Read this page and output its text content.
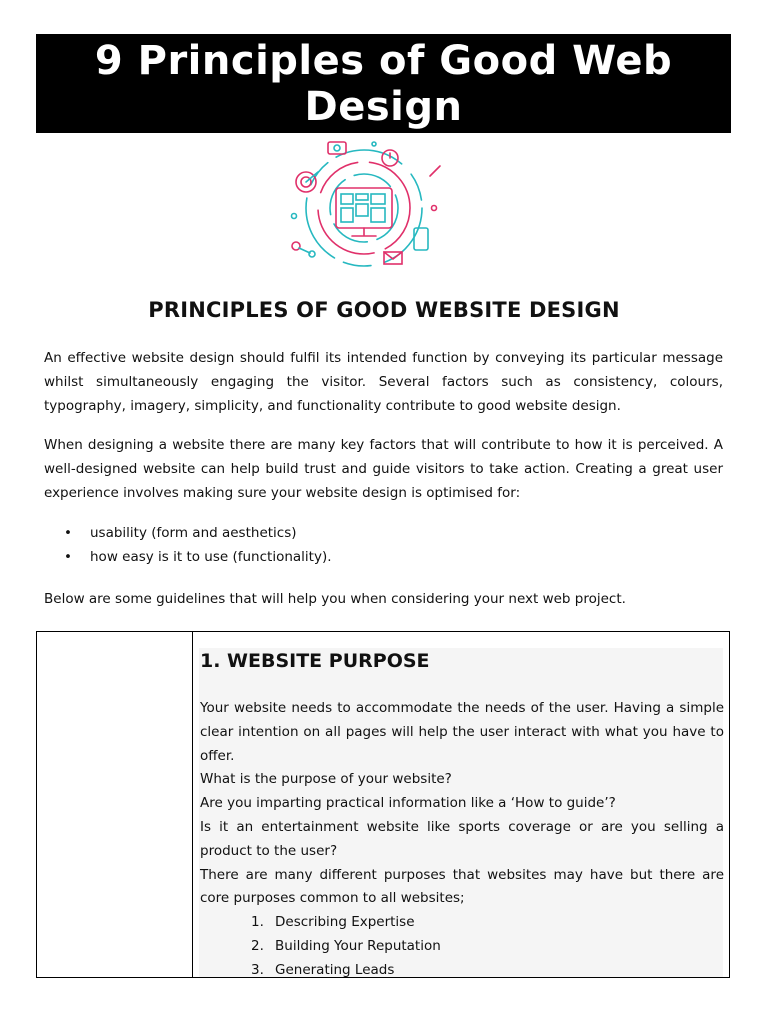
9 Principles of Good Web Design
PRINCIPLES OF GOOD WEBSITE DESIGN

An effective website design should fulfil its intended function by conveying its particular message whilst simultaneously engaging the visitor. Several factors such as consistency, colours, typography, imagery, simplicity, and functionality contribute to good website design.

When designing a website there are many key factors that will contribute to how it is perceived. A well-designed website can help build trust and guide visitors to take action. Creating a great user experience involves making sure your website design is optimised for:

• usability (form and aesthetics)
• how easy is it to use (functionality).

Below are some guidelines that will help you when considering your next web project.

1. WEBSITE PURPOSE

Your website needs to accommodate the needs of the user. Having a simple clear intention on all pages will help the user interact with what you have to offer.

What is the purpose of your website?

Are you imparting practical information like a ‘How to guide’?

Is it an entertainment website like sports coverage or are you selling a product to the user?

There are many different purposes that websites may have but there are core purposes common to all websites;

1. Describing Expertise
2. Building Your Reputation
3. Generating Leads
